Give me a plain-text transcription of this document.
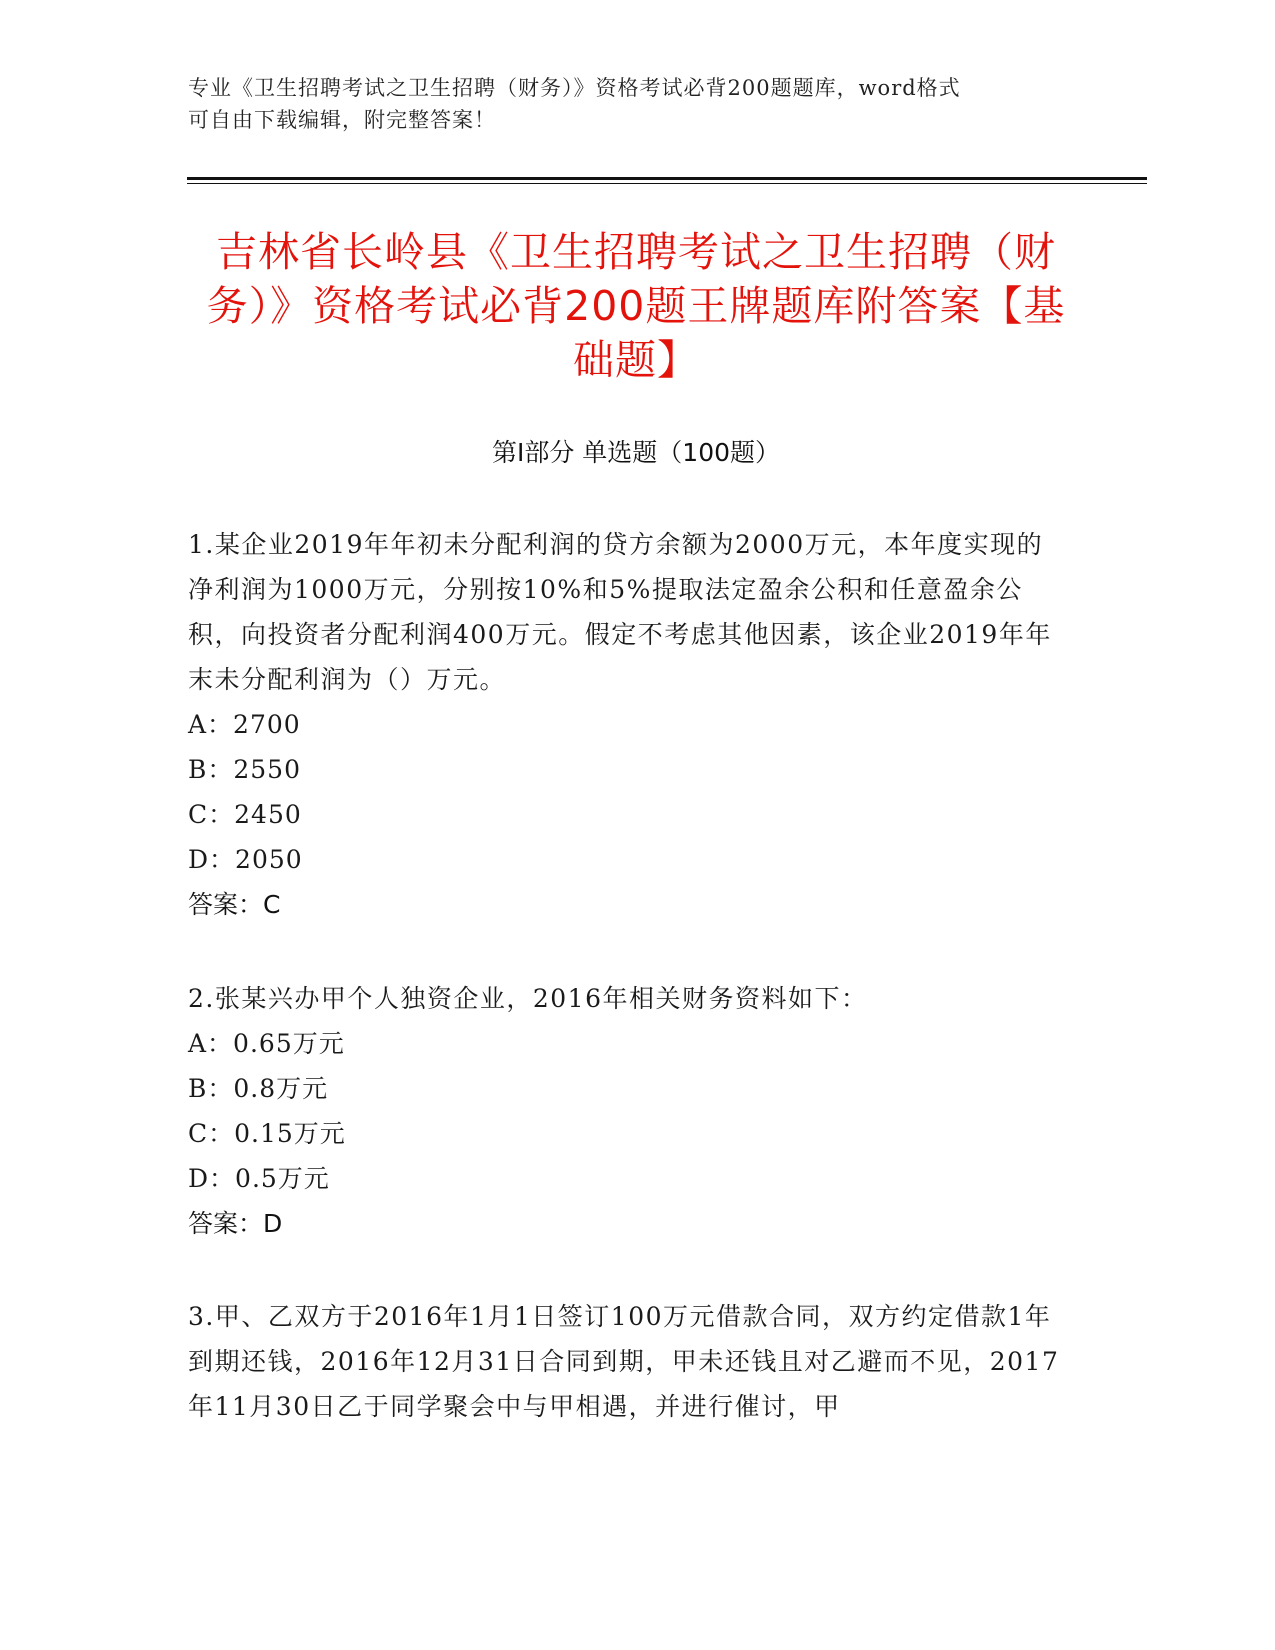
专业《卫生招聘考试之卫生招聘（财务）》资格考试必背200题题库，word格式
可自由下载编辑，附完整答案！
吉林省长岭县《卫生招聘考试之卫生招聘（财务）》资格考试必背200题王牌题库附答案【基础题】
第Ⅰ部分 单选题（100题）

1.某企业2019年年初未分配利润的贷方余额为2000万元，本年度实现的净利润为1000万元，分别按10%和5%提取法定盈余公积和任意盈余公积，向投资者分配利润400万元。假定不考虑其他因素，该企业2019年年末未分配利润为（）万元。

A：2700

B：2550

C：2450

D：2050

答案：C

2.张某兴办甲个人独资企业，2016年相关财务资料如下：

A：0.65万元

B：0.8万元

C：0.15万元

D：0.5万元

答案：D

3.甲、乙双方于2016年1月1日签订100万元借款合同，双方约定借款1年到期还钱，2016年12月31日合同到期，甲未还钱且对乙避而不见，2017年11月30日乙于同学聚会中与甲相遇，并进行催讨，甲
